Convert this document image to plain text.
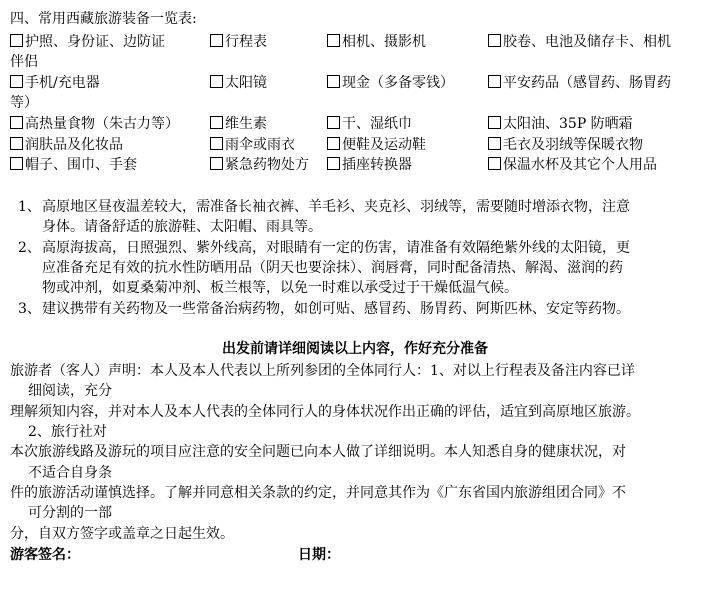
四、常用西藏旅游装备一览表:
护照、身份证、边防证	行程表	相机、摄影机	胶卷、电池及储存卡、相机
伴侣
手机/充电器	太阳镜	现金（多备零钱）	平安药品（感冒药、肠胃药
等）
高热量食物（朱古力等）	维生素	干、湿纸巾	太阳油、35P 防晒霜
润肤品及化妆品	雨伞或雨衣	便鞋及运动鞋	毛衣及羽绒等保暖衣物
帽子、围巾、手套	紧急药物处方	插座转换器	保温水杯及其它个人用品
1、 高原地区昼夜温差较大，需准备长袖衣裤、羊毛衫、夹克衫、羽绒等，需要随时增添衣物，注意
身体。请备舒适的旅游鞋、太阳帽、雨具等。
2、 高原海拔高，日照强烈、紫外线高，对眼睛有一定的伤害，请准备有效隔绝紫外线的太阳镜，更
应准备充足有效的抗水性防晒用品（阴天也要涂抹）、润唇膏，同时配备清热、解渴、滋润的药
物或冲剂，如夏桑菊冲剂、板兰根等，以免一时难以承受过于干燥低温气候。
3、 建议携带有关药物及一些常备治病药物，如创可贴、感冒药、肠胃药、阿斯匹林、安定等药物。
出发前请详细阅读以上内容，作好充分准备
旅游者（客人）声明：本人及本人代表以上所列参团的全体同行人：1、对以上行程表及备注内容已详
细阅读，充分
理解须知内容，并对本人及本人代表的全体同行人的身体状况作出正确的评估，适宜到高原地区旅游。
2、旅行社对
本次旅游线路及游玩的项目应注意的安全问题已向本人做了详细说明。本人知悉自身的健康状况，对
不适合自身条
件的旅游活动谨慎选择。了解并同意相关条款的约定，并同意其作为《广东省国内旅游组团合同》不
可分割的一部
分，自双方签字或盖章之日起生效。
游客签名：	日期：
